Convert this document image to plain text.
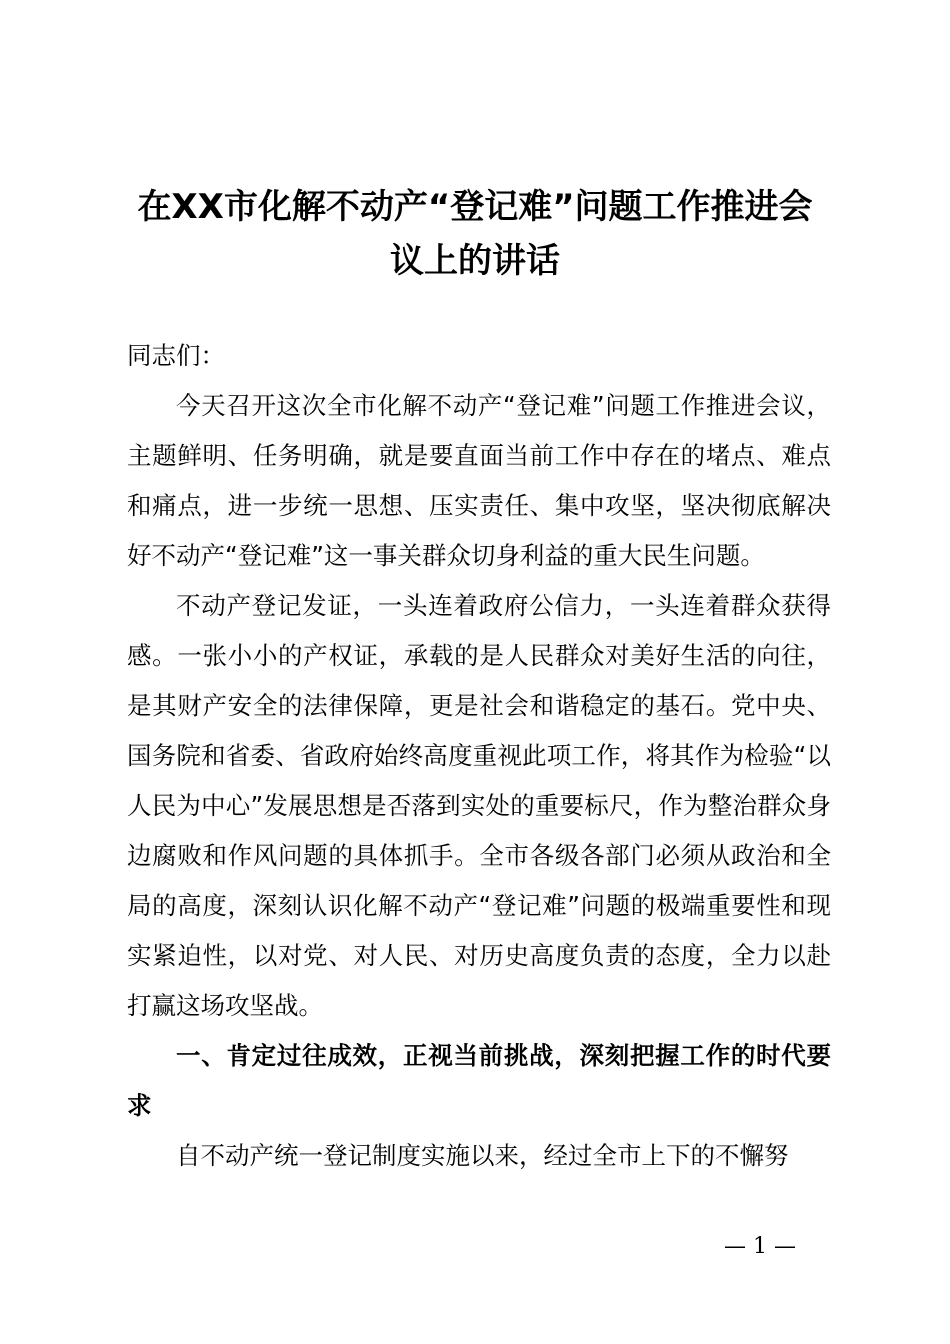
在XX市化解不动产“登记难”问题工作推进会
议上的讲话

同志们：

今天召开这次全市化解不动产“登记难”问题工作推进会议，主题鲜明、任务明确，就是要直面当前工作中存在的堵点、难点和痛点，进一步统一思想、压实责任、集中攻坚，坚决彻底解决好不动产“登记难”这一事关群众切身利益的重大民生问题。

不动产登记发证，一头连着政府公信力，一头连着群众获得感。一张小小的产权证，承载的是人民群众对美好生活的向往，是其财产安全的法律保障，更是社会和谐稳定的基石。党中央、国务院和省委、省政府始终高度重视此项工作，将其作为检验“以人民为中心”发展思想是否落到实处的重要标尺，作为整治群众身边腐败和作风问题的具体抓手。全市各级各部门必须从政治和全局的高度，深刻认识化解不动产“登记难”问题的极端重要性和现实紧迫性，以对党、对人民、对历史高度负责的态度，全力以赴打赢这场攻坚战。

一、肯定过往成效，正视当前挑战，深刻把握工作的时代要求

自不动产统一登记制度实施以来，经过全市上下的不懈努

— 1 —
